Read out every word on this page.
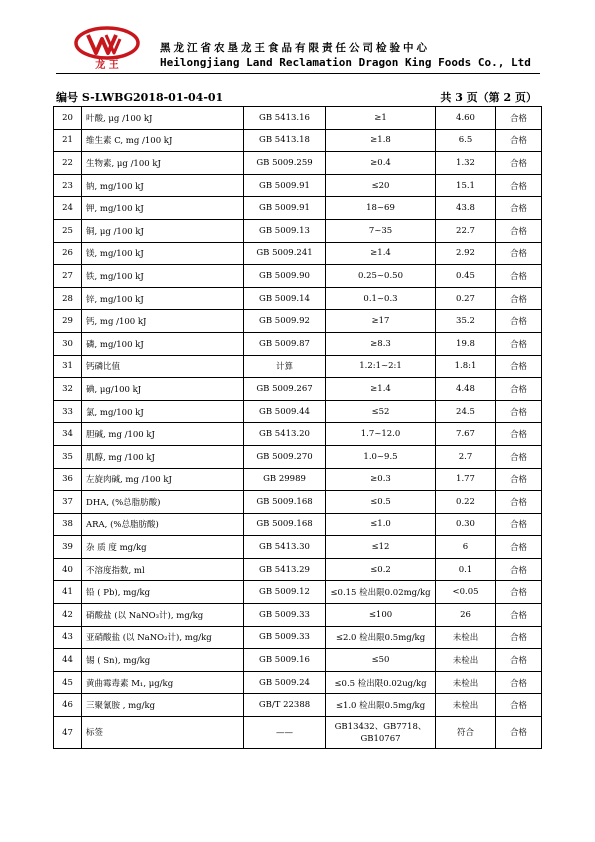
龙 王
黑龙江省农垦龙王食品有限责任公司检验中心
Heilongjiang Land Reclamation Dragon King Foods Co., Ltd
编号 S-LWBG2018-01-04-01	共 3 页（第 2 页）
20	叶酸, μg /100 kJ	GB 5413.16	≥1	4.60	合格
21	维生素 C, mg /100 kJ	GB 5413.18	≥1.8	6.5	合格
22	生物素, μg /100 kJ	GB 5009.259	≥0.4	1.32	合格
23	钠, mg/100 kJ	GB 5009.91	≤20	15.1	合格
24	钾, mg/100 kJ	GB 5009.91	18~69	43.8	合格
25	铜, μg /100 kJ	GB 5009.13	7~35	22.7	合格
26	镁, mg/100 kJ	GB 5009.241	≥1.4	2.92	合格
27	铁, mg/100 kJ	GB 5009.90	0.25~0.50	0.45	合格
28	锌, mg/100 kJ	GB 5009.14	0.1~0.3	0.27	合格
29	钙, mg /100 kJ	GB 5009.92	≥17	35.2	合格
30	磷, mg/100 kJ	GB 5009.87	≥8.3	19.8	合格
31	钙磷比值	计算	1.2:1~2:1	1.8:1	合格
32	碘, μg/100 kJ	GB 5009.267	≥1.4	4.48	合格
33	氯, mg/100 kJ	GB 5009.44	≤52	24.5	合格
34	胆碱, mg /100 kJ	GB 5413.20	1.7~12.0	7.67	合格
35	肌醇, mg /100 kJ	GB 5009.270	1.0~9.5	2.7	合格
36	左旋肉碱, mg /100 kJ	GB 29989	≥0.3	1.77	合格
37	DHA, (%总脂肪酸)	GB 5009.168	≤0.5	0.22	合格
38	ARA, (%总脂肪酸)	GB 5009.168	≤1.0	0.30	合格
39	杂 质 度 mg/kg	GB 5413.30	≤12	6	合格
40	不溶度指数, ml	GB 5413.29	≤0.2	0.1	合格
41	铅 ( Pb), mg/kg	GB 5009.12	≤0.15 检出限0.02mg/kg	<0.05	合格
42	硝酸盐 (以 NaNO₃计), mg/kg	GB 5009.33	≤100	26	合格
43	亚硝酸盐 (以 NaNO₂计), mg/kg	GB 5009.33	≤2.0 检出限0.5mg/kg	未检出	合格
44	锡 ( Sn), mg/kg	GB 5009.16	≤50	未检出	合格
45	黄曲霉毒素 M₁, μg/kg	GB 5009.24	≤0.5 检出限0.02ug/kg	未检出	合格
46	三聚氰胺 , mg/kg	GB/T 22388	≤1.0 检出限0.5mg/kg	未检出	合格
47	标签	——	GB13432、GB7718、GB10767	符合	合格
